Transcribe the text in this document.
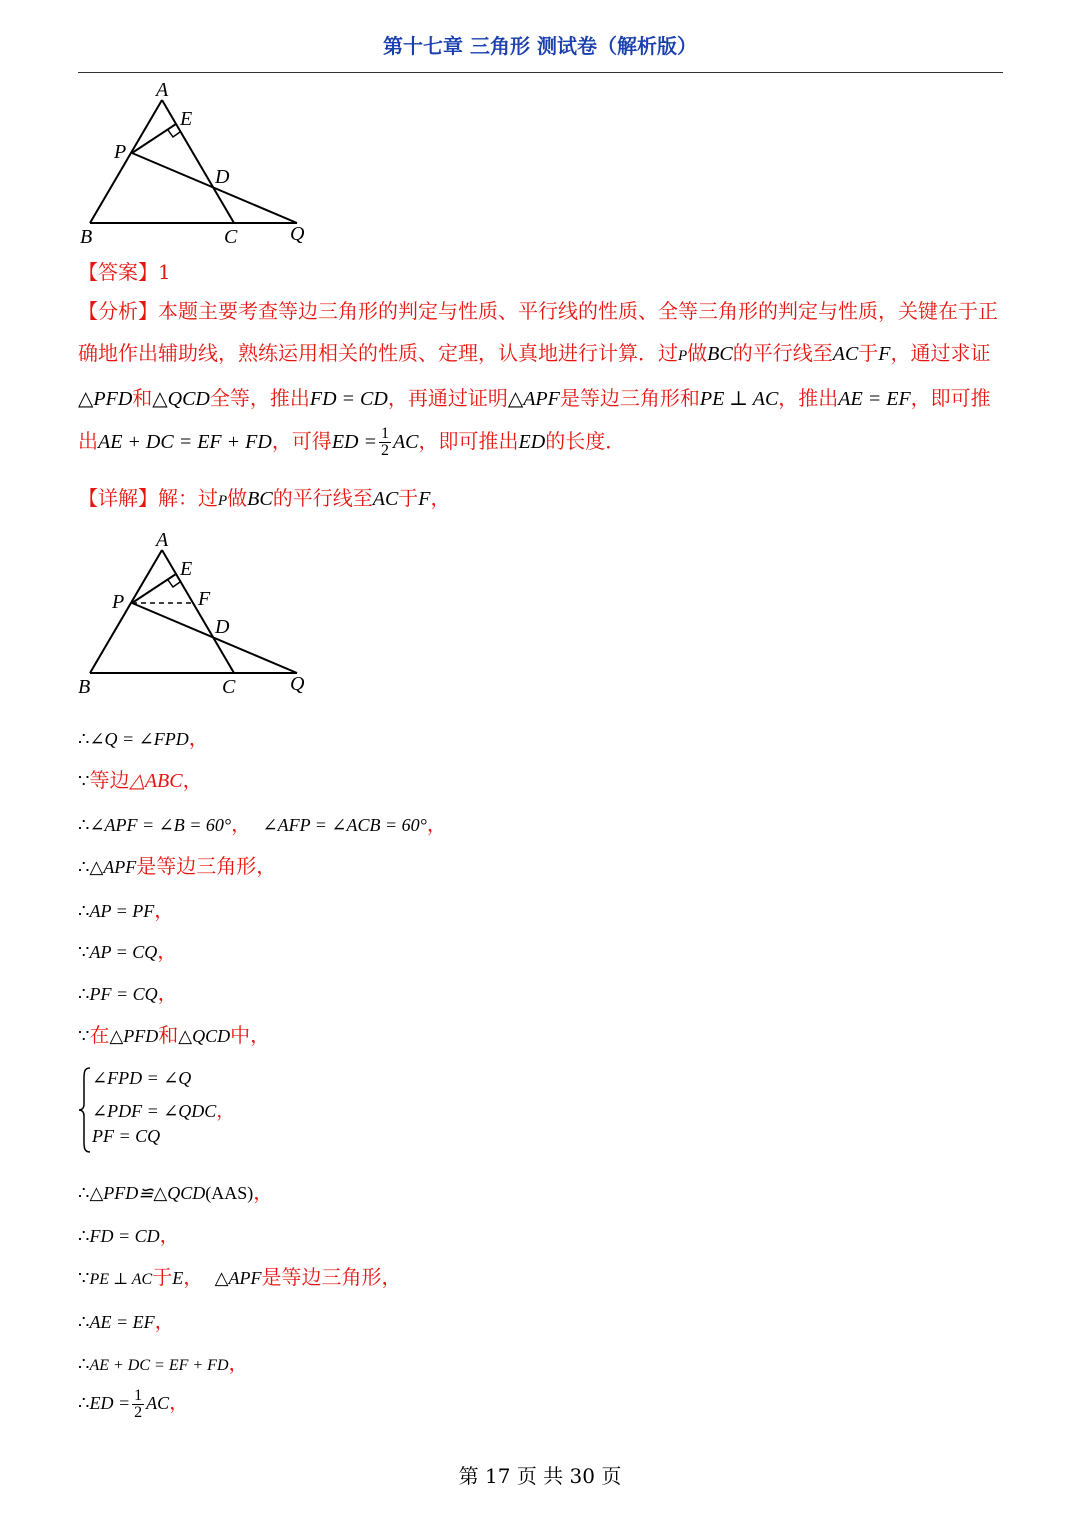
第十七章 三角形 测试卷（解析版）
A
E
P
D
B	C	Q
【答案】1
【分析】本题主要考查等边三角形的判定与性质、平行线的性质、全等三角形的判定与性质，关键在于正确地作出辅助线，熟练运用相关的性质、定理，认真地进行计算．过P做BC的平行线至AC于F，通过求证△PFD和△QCD全等，推出FD = CD，再通过证明△APF是等边三角形和PE ⊥ AC，推出AE = EF，即可推出AE + DC = EF + FD，可得ED = $\frac{1}{2}$ AC，即可推出ED的长度．
【详解】解：过P做BC的平行线至AC于F，
A
E
P	F
D
B	C	Q
∴∠Q = ∠FPD，
∵等边△ABC，
∴∠APF = ∠B = 60°， ∠AFP = ∠ACB = 60°，
∴△APF是等边三角形，
∴AP = PF，
∵AP = CQ，
∴PF = CQ，
∵在△PFD和△QCD中，
∠FPD = ∠Q
∠PDF = ∠QDC，
PF = CQ
∴△PFD≌△QCD(AAS)，
∴FD = CD，
∵PE ⊥ AC于E， △APF是等边三角形，
∴AE = EF，
∴AE + DC = EF + FD，
∴ED = $\frac{1}{2}$ AC，
第 17 页 共 30 页
